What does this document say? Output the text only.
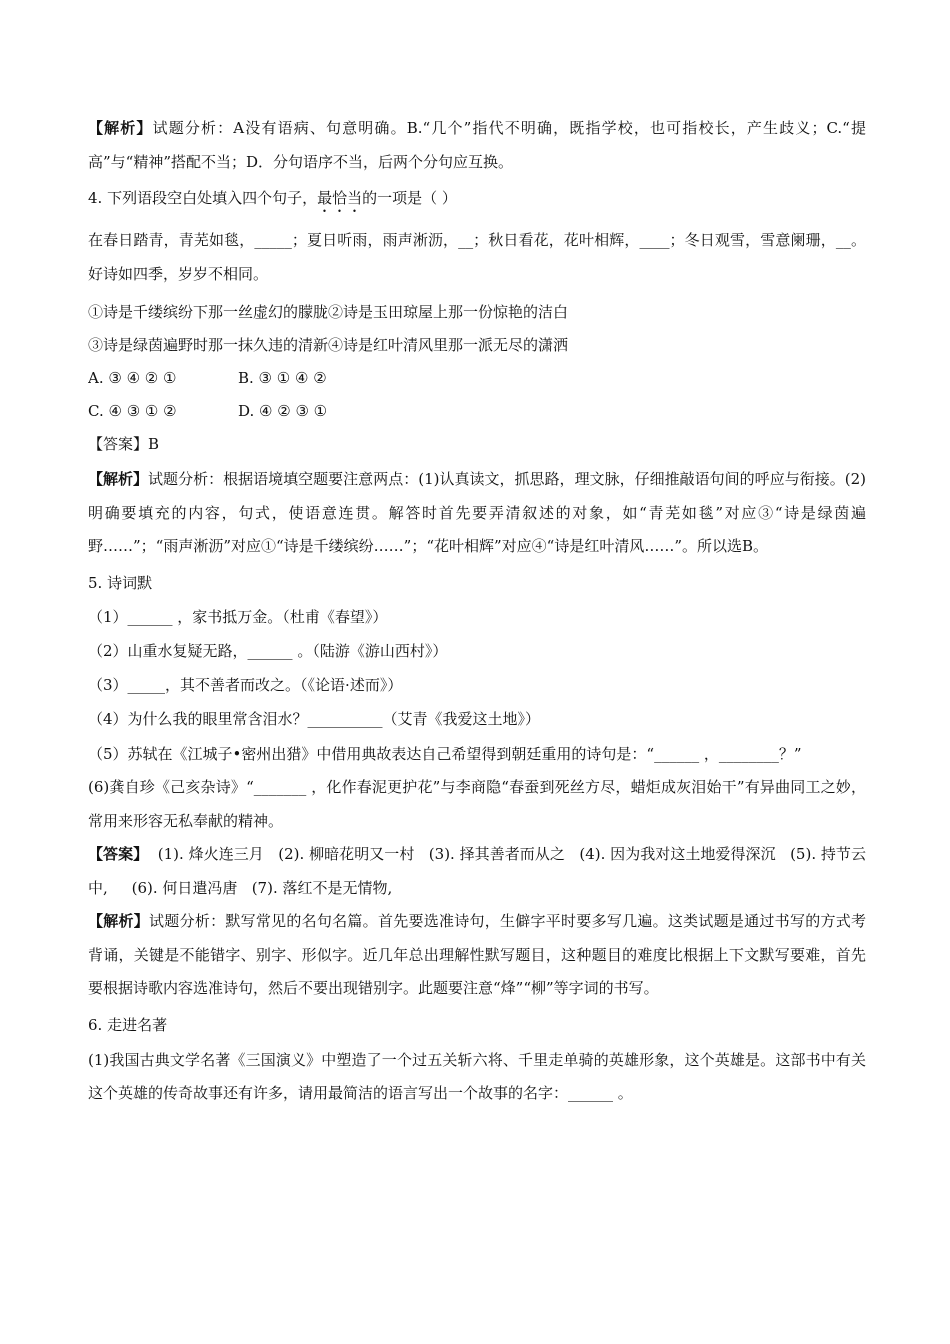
【解析】试题分析：A没有语病、句意明确。B.“几个”指代不明确，既指学校，也可指校长，产生歧义；C.“提高”与“精神”搭配不当；D．分句语序不当，后两个分句应互换。
4. 下列语段空白处填入四个句子，最恰当的一项是（ ）
在春日踏青，青芜如毯，_____；夏日听雨，雨声淅沥，__；秋日看花，花叶相辉，____；冬日观雪，雪意阑珊，__。好诗如四季，岁岁不相同。
①诗是千缕缤纷下那一丝虚幻的朦胧②诗是玉田琼屋上那一份惊艳的洁白
③诗是绿茵遍野时那一抹久违的清新④诗是红叶清风里那一派无尽的潇洒
A. ③ ④ ② ①	B. ③ ① ④ ②
C. ④ ③ ① ②	D. ④ ② ③ ①
【答案】B
【解析】试题分析：根据语境填空题要注意两点：(1)认真读文，抓思路，理文脉，仔细推敲语句间的呼应与衔接。(2)明确要填充的内容，句式，使语意连贯。解答时首先要弄清叙述的对象，如“青芜如毯”对应③“诗是绿茵遍野……”；“雨声淅沥”对应①“诗是千缕缤纷……”；“花叶相辉”对应④“诗是红叶清风……”。所以选B。
5. 诗词默
（1）______ ，家书抵万金。（杜甫《春望》）
（2）山重水复疑无路，______ 。（陆游《游山西村》）
（3）_____，其不善者而改之。（《论语·述而》）
（4）为什么我的眼里常含泪水？__________（艾青《我爱这土地》）
（5）苏轼在《江城子•密州出猎》中借用典故表达自己希望得到朝廷重用的诗句是：“______ ，________？”
(6)龚自珍《己亥杂诗》“_______ ，化作春泥更护花”与李商隐“春蚕到死丝方尽，蜡炬成灰泪始干”有异曲同工之妙，常用来形容无私奉献的精神。
【答案】  (1). 烽火连三月   (2). 柳暗花明又一村   (3). 择其善者而从之   (4). 因为我对这土地爱得深沉   (5). 持节云中,     (6). 何日遣冯唐   (7). 落红不是无情物,
【解析】试题分析：默写常见的名句名篇。首先要选准诗句，生僻字平时要多写几遍。这类试题是通过书写的方式考背诵，关键是不能错字、别字、形似字。近几年总出理解性默写题目，这种题目的难度比根据上下文默写要难，首先要根据诗歌内容选准诗句，然后不要出现错别字。此题要注意“烽”“柳”等字词的书写。
6. 走进名著
(1)我国古典文学名著《三国演义》中塑造了一个过五关斩六将、千里走单骑的英雄形象，这个英雄是。这部书中有关这个英雄的传奇故事还有许多，请用最简洁的语言写出一个故事的名字：______ 。
